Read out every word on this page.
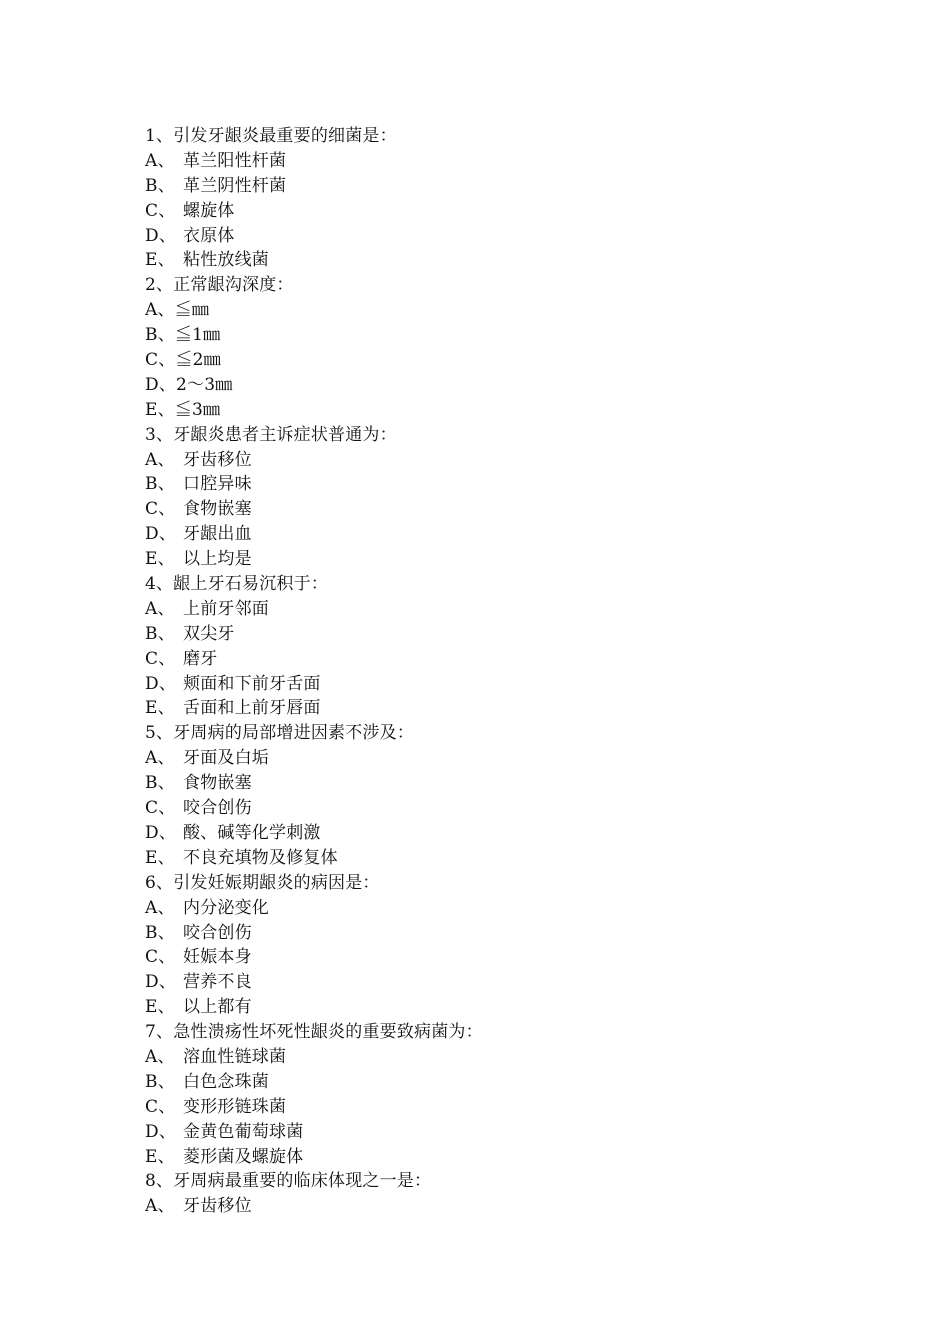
1、引发牙龈炎最重要的细菌是：
A、 革兰阳性杆菌
B、 革兰阴性杆菌
C、 螺旋体
D、 衣原体
E、 粘性放线菌
2、正常龈沟深度：
A、≦㎜
B、≦1㎜
C、≦2㎜
D、2～3㎜
E、≦3㎜
3、牙龈炎患者主诉症状普通为：
A、 牙齿移位
B、 口腔异味
C、 食物嵌塞
D、 牙龈出血
E、 以上均是
4、龈上牙石易沉积于：
A、 上前牙邻面
B、 双尖牙
C、 磨牙
D、 颊面和下前牙舌面
E、 舌面和上前牙唇面
5、牙周病的局部增进因素不涉及：
A、 牙面及白垢
B、 食物嵌塞
C、 咬合创伤
D、 酸、碱等化学刺激
E、 不良充填物及修复体
6、引发妊娠期龈炎的病因是：
A、 内分泌变化
B、 咬合创伤
C、 妊娠本身
D、 营养不良
E、 以上都有
7、急性溃疡性坏死性龈炎的重要致病菌为：
A、 溶血性链球菌
B、 白色念珠菌
C、 变形形链珠菌
D、 金黄色葡萄球菌
E、 菱形菌及螺旋体
8、牙周病最重要的临床体现之一是：
A、 牙齿移位
